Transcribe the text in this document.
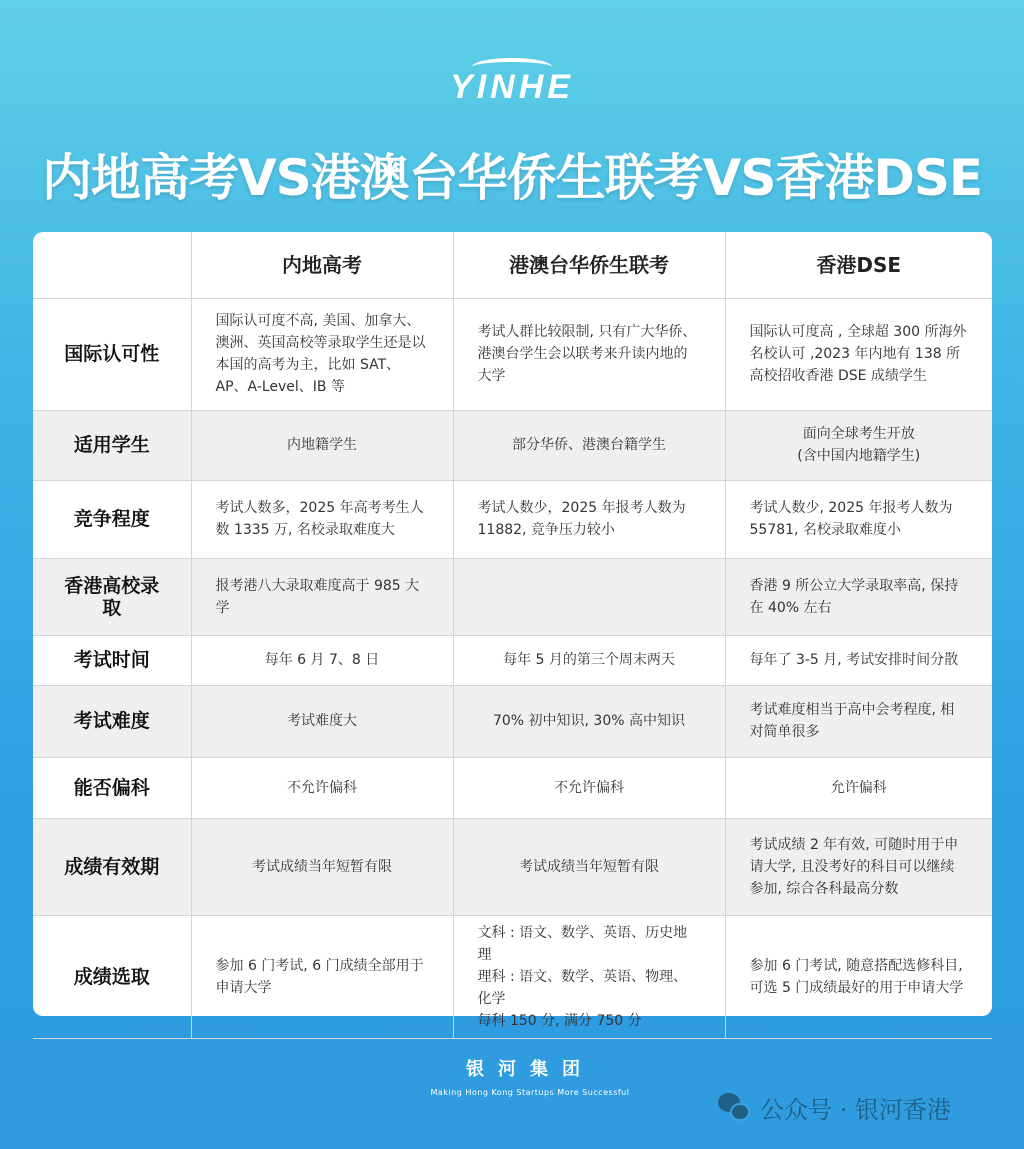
YINHE
内地高考VS港澳台华侨生联考VS香港DSE
	内地高考	港澳台华侨生联考	香港DSE
国际认可性	国际认可度不高, 美国、加拿大、澳洲、英国高校等录取学生还是以本国的高考为主，比如 SAT、AP、A-Level、IB 等	考试人群比较限制, 只有广大华侨、港澳台学生会以联考来升读内地的大学	国际认可度高 , 全球超 300 所海外名校认可 ,2023 年内地有 138 所高校招收香港 DSE 成绩学生
适用学生	内地籍学生	部分华侨、港澳台籍学生	面向全球考生开放
(含中国内地籍学生)
竞争程度	考试人数多，2025 年高考考生人数 1335 万, 名校录取难度大	考试人数少，2025 年报考人数为 11882, 竞争压力较小	考试人数少, 2025 年报考人数为 55781, 名校录取难度小
香港高校录取	报考港八大录取难度高于 985 大学		香港 9 所公立大学录取率高, 保持在 40% 左右
考试时间	每年 6 月 7、8 日	每年 5 月的第三个周末两天	每年了 3-5 月, 考试安排时间分散
考试难度	考试难度大	70% 初中知识, 30% 高中知识	考试难度相当于高中会考程度, 相对简单很多
能否偏科	不允许偏科	不允许偏科	允许偏科
成绩有效期	考试成绩当年短暂有限	考试成绩当年短暂有限	考试成绩 2 年有效, 可随时用于申请大学, 且没考好的科目可以继续参加, 综合各科最高分数
成绩选取	参加 6 门考试, 6 门成绩全部用于申请大学	文科 : 语文、数学、英语、历史地理
理科 : 语文、数学、英语、物理、化学
每科 150 分, 满分 750 分	参加 6 门考试, 随意搭配选修科目, 可选 5 门成绩最好的用于申请大学
银河集团
Making Hong Kong Startups More Successful
公众号 · 银河香港
